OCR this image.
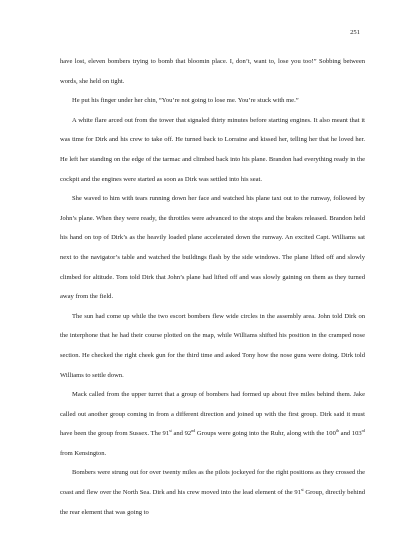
251

have lost, eleven bombers trying to bomb that bloomin place. I, don’t, want to, lose you too!” Sobbing between words, she held on tight.

He put his finger under her chin, “You’re not going to lose me. You’re stuck with me.”

A white flare arced out from the tower that signaled thirty minutes before starting engines. It also meant that it was time for Dirk and his crew to take off. He turned back to Lorraine and kissed her, telling her that he loved her. He left her standing on the edge of the tarmac and climbed back into his plane. Brandon had everything ready in the cockpit and the engines were started as soon as Dirk was settled into his seat.

She waved to him with tears running down her face and watched his plane taxi out to the runway, followed by John’s plane. When they were ready, the throttles were advanced to the stops and the brakes released. Brandon held his hand on top of Dirk’s as the heavily loaded plane accelerated down the runway. An excited Capt. Williams sat next to the navigator’s table and watched the buildings flash by the side windows. The plane lifted off and slowly climbed for altitude. Tom told Dirk that John’s plane had lifted off and was slowly gaining on them as they turned away from the field.

The sun had come up while the two escort bombers flew wide circles in the assembly area. John told Dirk on the interphone that he had their course plotted on the map, while Williams shifted his position in the cramped nose section. He checked the right cheek gun for the third time and asked Tony how the nose guns were doing. Dirk told Williams to settle down.

Mack called from the upper turret that a group of bombers had formed up about five miles behind them. Jake called out another group coming in from a different direction and joined up with the first group. Dirk said it must have been the group from Sussex. The 91st and 92nd Groups were going into the Ruhr, along with the 100th and 103rd from Kensington.

Bombers were strung out for over twenty miles as the pilots jockeyed for the right positions as they crossed the coast and flew over the North Sea. Dirk and his crew moved into the lead element of the 91st Group, directly behind the rear element that was going to
